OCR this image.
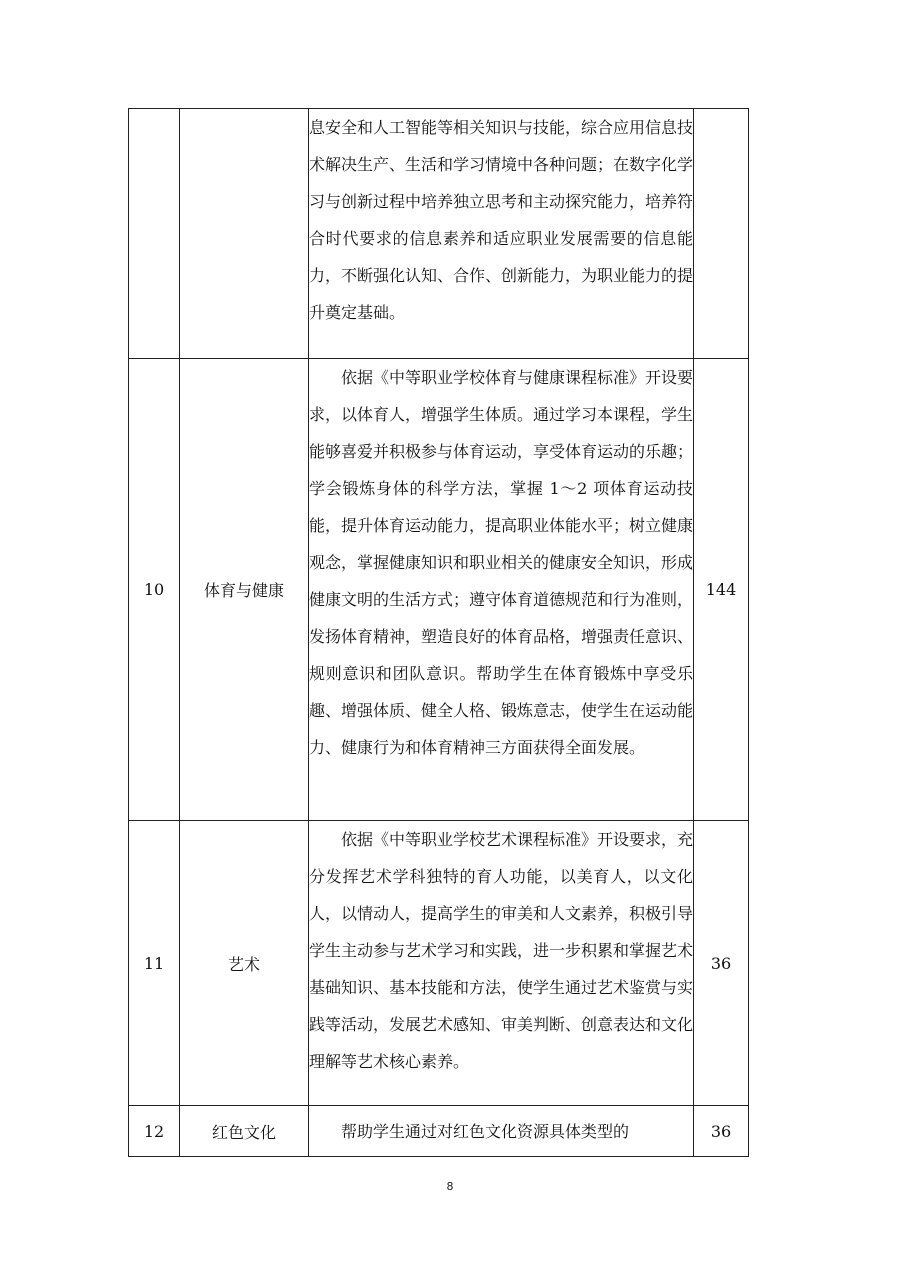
		息安全和人工智能等相关知识与技能，综合应用信息技术解决生产、生活和学习情境中各种问题；在数字化学习与创新过程中培养独立思考和主动探究能力，培养符合时代要求的信息素养和适应职业发展需要的信息能力，不断强化认知、合作、创新能力，为职业能力的提升奠定基础。	

10	体育与健康	依据《中等职业学校体育与健康课程标准》开设要求，以体育人，增强学生体质。通过学习本课程，学生能够喜爱并积极参与体育运动，享受体育运动的乐趣；学会锻炼身体的科学方法，掌握 1～2 项体育运动技能，提升体育运动能力，提高职业体能水平；树立健康观念，掌握健康知识和职业相关的健康安全知识，形成健康文明的生活方式；遵守体育道德规范和行为准则，发扬体育精神，塑造良好的体育品格，增强责任意识、规则意识和团队意识。帮助学生在体育锻炼中享受乐趣、增强体质、健全人格、锻炼意志，使学生在运动能力、健康行为和体育精神三方面获得全面发展。	144
11	艺术	依据《中等职业学校艺术课程标准》开设要求，充分发挥艺术学科独特的育人功能，以美育人，以文化人，以情动人，提高学生的审美和人文素养，积极引导学生主动参与艺术学习和实践，进一步积累和掌握艺术基础知识、基本技能和方法，使学生通过艺术鉴赏与实践等活动，发展艺术感知、审美判断、创意表达和文化理解等艺术核心素养。	36
12	红色文化	帮助学生通过对红色文化资源具体类型的	36
8
